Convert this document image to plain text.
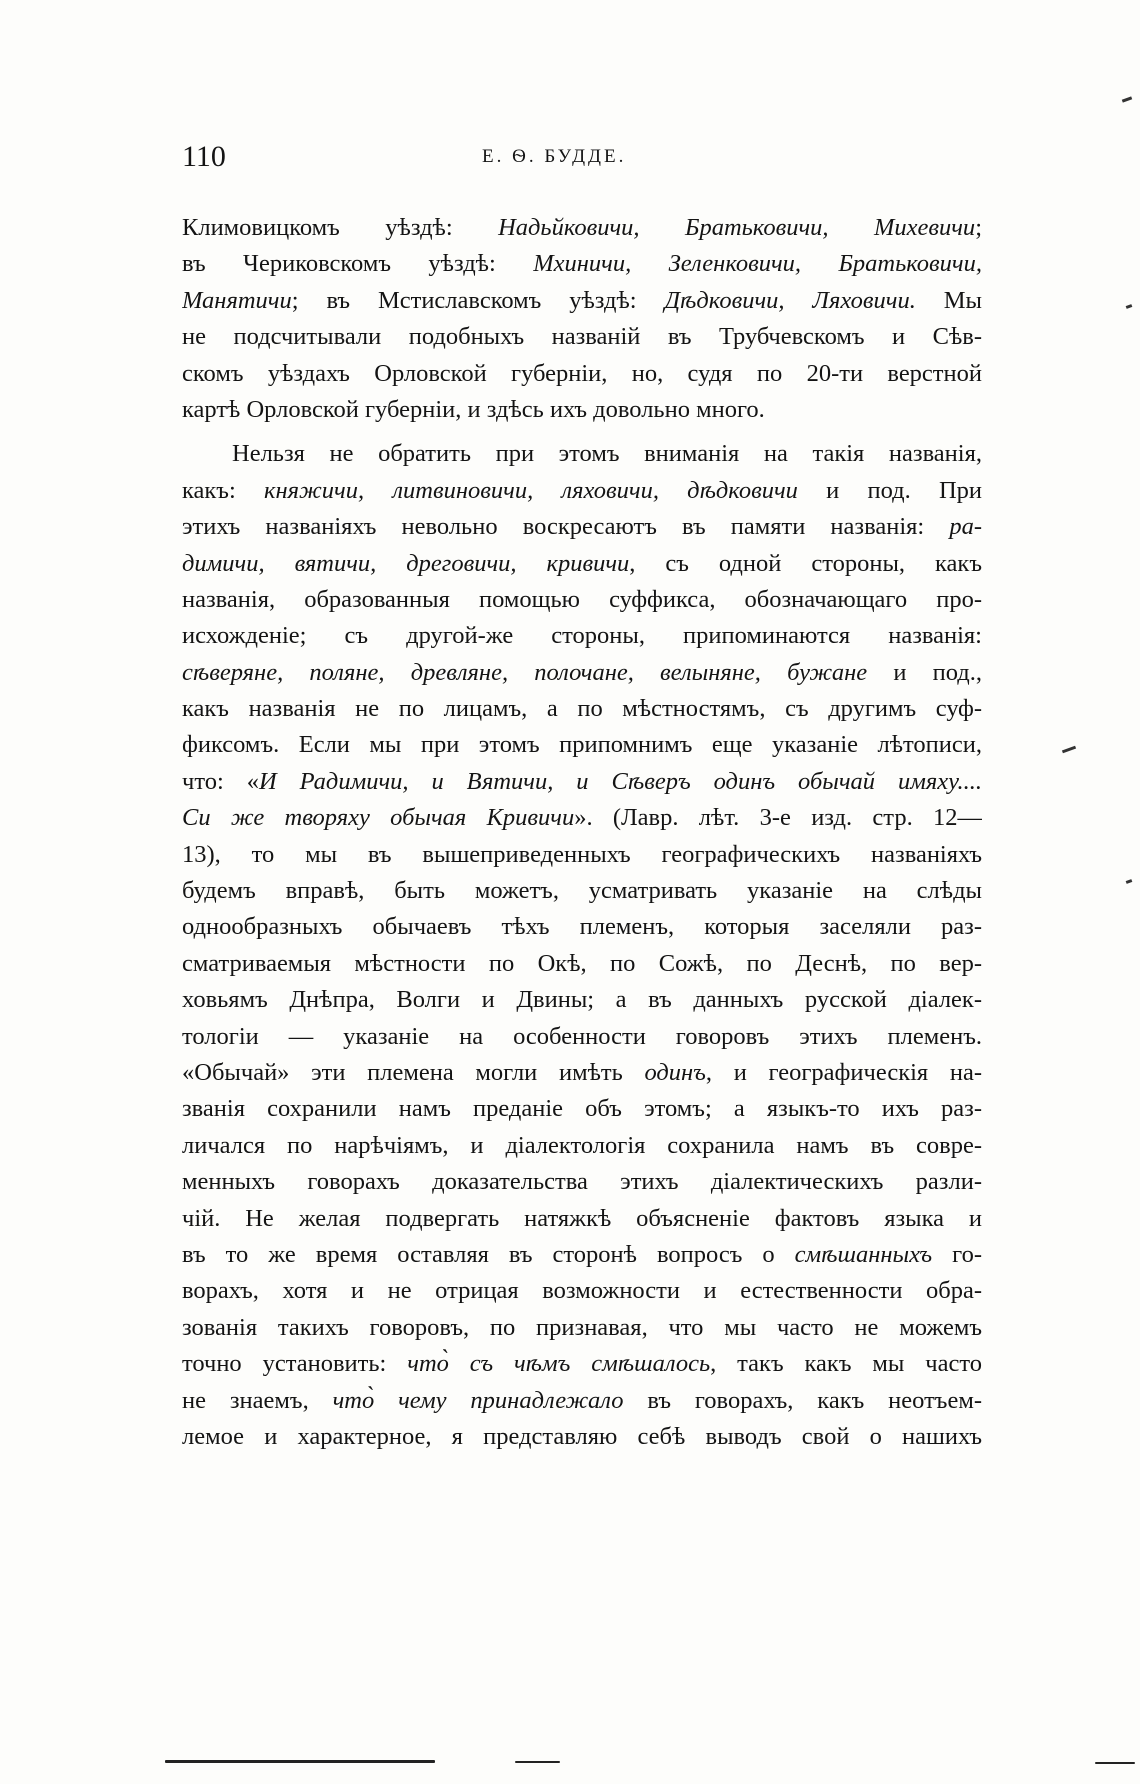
110	Е. Ѳ. БУДДЕ.
Климовицкомъ уѣздѣ: Надьйковичи, Братьковичи, Михевичи;
въ Чериковскомъ уѣздѣ: Мхиничи, Зеленковичи, Братьковичи,
Манятичи; въ Мстиславскомъ уѣздѣ: Дѣдковичи, Ляховичи. Мы
не подсчитывали подобныхъ названій въ Трубчевскомъ и Сѣв-
скомъ уѣздахъ Орловской губерніи, но, судя по 20-ти верстной
картѣ Орловской губерніи, и здѣсь ихъ довольно много.
Нельзя не обратить при этомъ вниманія на такія названія,
какъ: княжичи, литвиновичи, ляховичи, дѣдковичи и под. При
этихъ названіяхъ невольно воскресаютъ въ памяти названія: ра-
димичи, вятичи, дреговичи, кривичи, съ одной стороны, какъ
названія, образованныя помощью суффикса, обозначающаго про-
исхожденіе; съ другой-же стороны, припоминаются названія:
сѣверяне, поляне, древляне, полочане, велыняне, бужане и под.,
какъ названія не по лицамъ, а по мѣстностямъ, съ другимъ суф-
фиксомъ. Если мы при этомъ припомнимъ еще указаніе лѣтописи,
что: «И Радимичи, и Вятичи, и Сѣверъ одинъ обычай имяху....
Си же творяху обычая Кривичи». (Лавр. лѣт. 3-е изд. стр. 12—
13), то мы въ вышеприведенныхъ географическихъ названіяхъ
будемъ вправѣ, быть можетъ, усматривать указаніе на слѣды
однообразныхъ обычаевъ тѣхъ племенъ, которыя заселяли раз-
сматриваемыя мѣстности по Окѣ, по Сожѣ, по Деснѣ, по вер-
ховьямъ Днѣпра, Волги и Двины; а въ данныхъ русской діалек-
тологіи — указаніе на особенности говоровъ этихъ племенъ.
«Обычай» эти племена могли имѣть одинъ, и географическія на-
званія сохранили намъ преданіе объ этомъ; а языкъ-то ихъ раз-
личался по нарѣчіямъ, и діалектологія сохранила намъ въ совре-
менныхъ говорахъ доказательства этихъ діалектическихъ разли-
чій. Не желая подвергать натяжкѣ объясненіе фактовъ языка и
въ то же время оставляя въ сторонѣ вопросъ о смѣшанныхъ го-
ворахъ, хотя и не отрицая возможности и естественности обра-
зованія такихъ говоровъ, по признавая, что мы часто не можемъ
точно установить: что̀ съ чѣмъ смѣшалось, такъ какъ мы часто
не знаемъ, что̀ чему принадлежало въ говорахъ, какъ неотъем-
лемое и характерное, я представляю себѣ выводъ свой о нашихъ
